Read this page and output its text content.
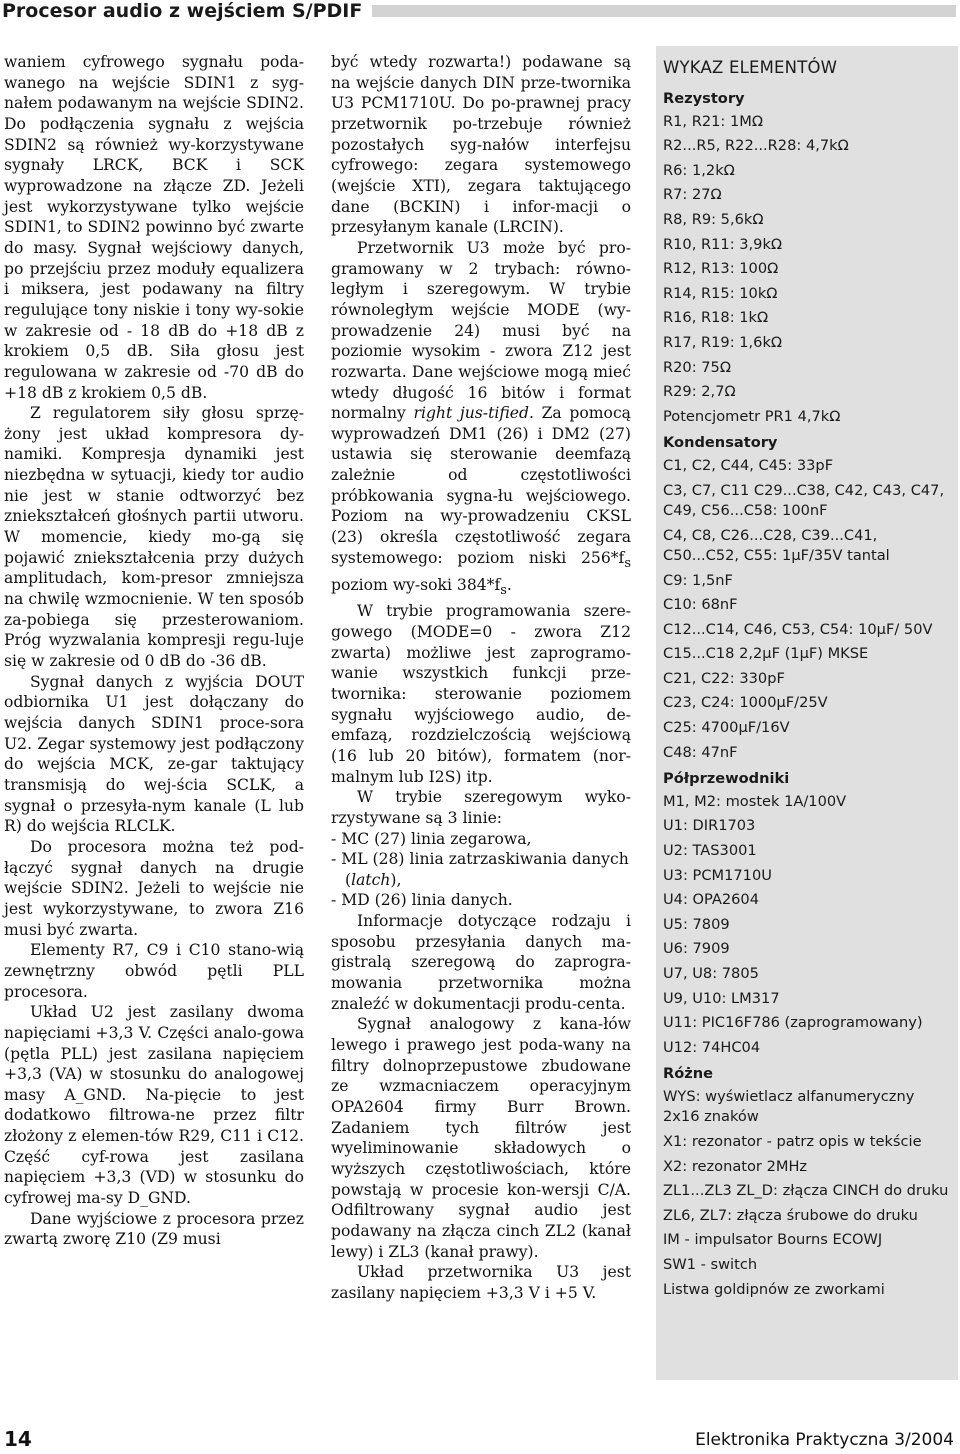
Procesor audio z wejściem S/PDIF

waniem cyfrowego sygnału poda-wanego na wejście SDIN1 z syg-nałem podawanym na wejście SDIN2. Do podłączenia sygnału z wejścia SDIN2 są również wy-korzystywane sygnały LRCK, BCK i SCK wyprowadzone na złącze ZD. Jeżeli jest wykorzystywane tylko wejście SDIN1, to SDIN2 powinno być zwarte do masy. Sygnał wejściowy danych, po przejściu przez moduły equalizera i miksera, jest podawany na filtry regulujące tony niskie i tony wy-sokie w zakresie od - 18 dB do +18 dB z krokiem 0,5 dB. Siła głosu jest regulowana w zakresie od -70 dB do +18 dB z krokiem 0,5 dB.

Z regulatorem siły głosu sprzę-żony jest układ kompresora dy-namiki. Kompresja dynamiki jest niezbędna w sytuacji, kiedy tor audio nie jest w stanie odtworzyć bez zniekształceń głośnych partii utworu. W momencie, kiedy mo-gą się pojawić zniekształcenia przy dużych amplitudach, kom-presor zmniejsza na chwilę wzmocnienie. W ten sposób za-pobiega się przesterowaniom. Próg wyzwalania kompresji regu-luje się w zakresie od 0 dB do -36 dB.

Sygnał danych z wyjścia DOUT odbiornika U1 jest dołączany do wejścia danych SDIN1 proce-sora U2. Zegar systemowy jest podłączony do wejścia MCK, ze-gar taktujący transmisją do wej-ścia SCLK, a sygnał o przesyła-nym kanale (L lub R) do wejścia RLCLK.

Do procesora można też pod-łączyć sygnał danych na drugie wejście SDIN2. Jeżeli to wejście nie jest wykorzystywane, to zwora Z16 musi być zwarta.

Elementy R7, C9 i C10 stano-wią zewnętrzny obwód pętli PLL procesora.

Układ U2 jest zasilany dwoma napięciami +3,3 V. Części analo-gowa (pętla PLL) jest zasilana napięciem +3,3 (VA) w stosunku do analogowej masy A_GND. Na-pięcie to jest dodatkowo filtrowa-ne przez filtr złożony z elemen-tów R29, C11 i C12. Część cyf-rowa jest zasilana napięciem +3,3 (VD) w stosunku do cyfrowej ma-sy D_GND.

Dane wyjściowe z procesora przez zwartą zworę Z10 (Z9 musi

być wtedy rozwarta!) podawane są na wejście danych DIN prze-twornika U3 PCM1710U. Do po-prawnej pracy przetwornik po-trzebuje również pozostałych syg-nałów interfejsu cyfrowego: zegara systemowego (wejście XTI), zegara taktującego dane (BCKIN) i infor-macji o przesyłanym kanale (LRCIN).

Przetwornik U3 może być pro-gramowany w 2 trybach: równo-ległym i szeregowym. W trybie równoległym wejście MODE (wy-prowadzenie 24) musi być na poziomie wysokim - zwora Z12 jest rozwarta. Dane wejściowe mogą mieć wtedy długość 16 bitów i format normalny right jus-tified. Za pomocą wyprowadzeń DM1 (26) i DM2 (27) ustawia się sterowanie deemfazą zależnie od częstotliwości próbkowania sygna-łu wejściowego. Poziom na wy-prowadzeniu CKSL (23) określa częstotliwość zegara systemowego: poziom niski $256*f_s$ poziom wy-soki $384*f_s$.

W trybie programowania szere-gowego (MODE=0 - zwora Z12 zwarta) możliwe jest zaprogramo-wanie wszystkich funkcji prze-twornika: sterowanie poziomem sygnału wyjściowego audio, de-emfazą, rozdzielczością wejściową (16 lub 20 bitów), formatem (nor-malnym lub I2S) itp.

W trybie szeregowym wyko-rzystywane są 3 linie:

- MC (27) linia zegarowa,

- ML (28) linia zatrzaskiwania danych (latch),

- MD (26) linia danych.

Informacje dotyczące rodzaju i sposobu przesyłania danych ma-gistralą szeregową do zaprogra-mowania przetwornika można znaleźć w dokumentacji produ-centa.

Sygnał analogowy z kana-łów lewego i prawego jest poda-wany na filtry dolnoprzepustowe zbudowane ze wzmacniaczem operacyjnym OPA2604 firmy Burr Brown. Zadaniem tych filtrów jest wyeliminowanie składowych o wyższych częstotliwościach, które powstają w procesie kon-wersji C/A. Odfiltrowany sygnał audio jest podawany na złącza cinch ZL2 (kanał lewy) i ZL3 (kanał prawy).

Układ przetwornika U3 jest zasilany napięciem +3,3 V i +5 V.

WYKAZ ELEMENTÓW
Rezystory
R1, R21: 1MΩ
R2...R5, R22...R28: 4,7kΩ
R6: 1,2kΩ
R7: 27Ω
R8, R9: 5,6kΩ
R10, R11: 3,9kΩ
R12, R13: 100Ω
R14, R15: 10kΩ
R16, R18: 1kΩ
R17, R19: 1,6kΩ
R20: 75Ω
R29: 2,7Ω
Potencjometr PR1 4,7kΩ
Kondensatory
C1, C2, C44, C45: 33pF
C3, C7, C11 C29...C38, C42, C43, C47, C49, C56...C58: 100nF
C4, C8, C26...C28, C39...C41, C50...C52, C55: 1µF/35V tantal
C9: 1,5nF
C10: 68nF
C12...C14, C46, C53, C54: 10µF/ 50V
C15...C18 2,2µF (1µF) MKSE
C21, C22: 330pF
C23, C24: 1000µF/25V
C25: 4700µF/16V
C48: 47nF
Półprzewodniki
M1, M2: mostek 1A/100V
U1: DIR1703
U2: TAS3001
U3: PCM1710U
U4: OPA2604
U5: 7809
U6: 7909
U7, U8: 7805
U9, U10: LM317
U11: PIC16F786 (zaprogramowany)
U12: 74HC04
Różne
WYS: wyświetlacz alfanumeryczny 2x16 znaków
X1: rezonator - patrz opis w tekście
X2: rezonator 2MHz
ZL1...ZL3 ZL_D: złącza CINCH do druku
ZL6, ZL7: złącza śrubowe do druku
IM - impulsator Bourns ECOWJ
SW1 - switch
Listwa goldipnów ze zworkami
14	Elektronika Praktyczna 3/2004
